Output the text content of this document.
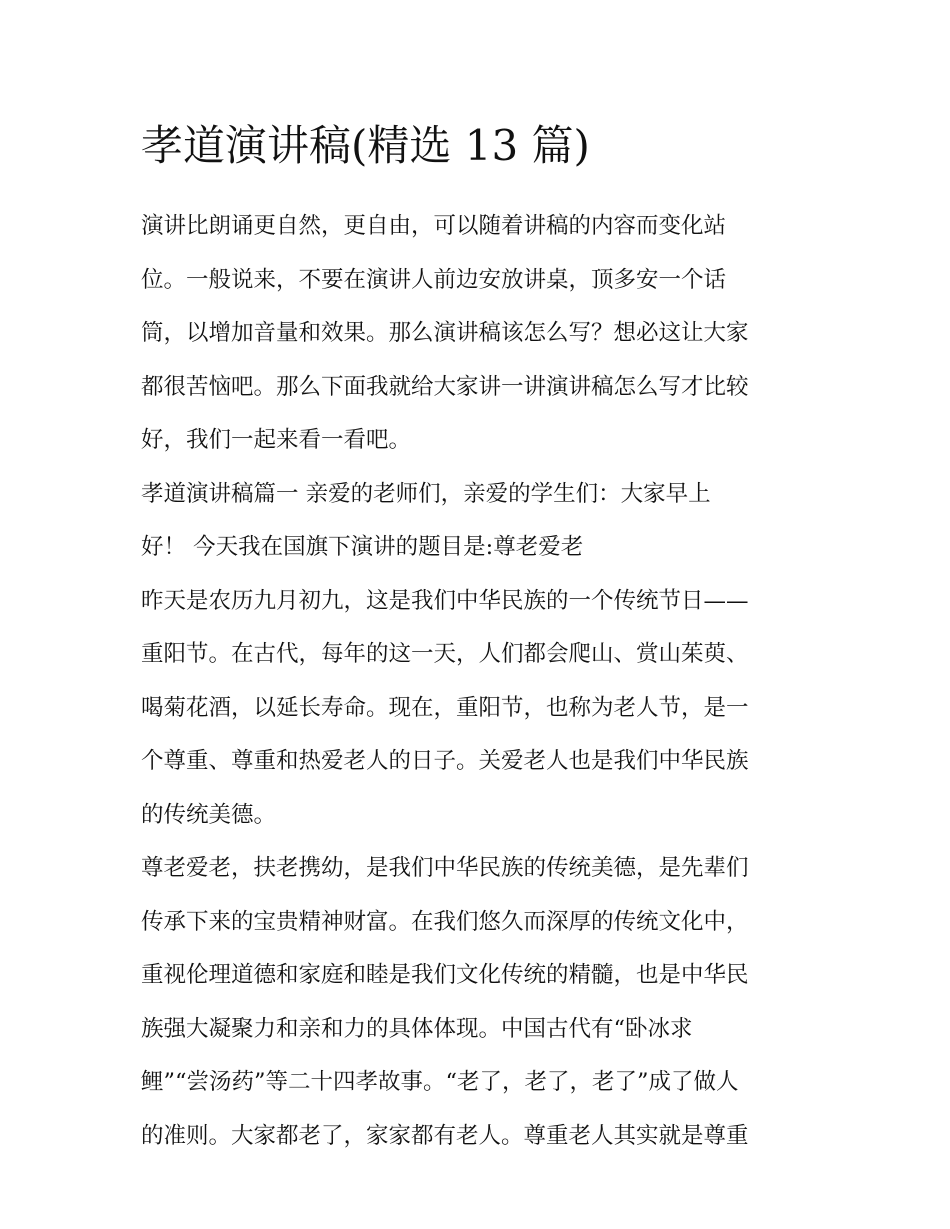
孝道演讲稿(精选 13 篇)
演讲比朗诵更自然，更自由，可以随着讲稿的内容而变化站
位。一般说来，不要在演讲人前边安放讲桌，顶多安一个话
筒，以增加音量和效果。那么演讲稿该怎么写？想必这让大家
都很苦恼吧。那么下面我就给大家讲一讲演讲稿怎么写才比较
好，我们一起来看一看吧。
孝道演讲稿篇一 亲爱的老师们，亲爱的学生们：大家早上
好！ 今天我在国旗下演讲的题目是:尊老爱老
昨天是农历九月初九，这是我们中华民族的一个传统节日——
重阳节。在古代，每年的这一天，人们都会爬山、赏山茱萸、
喝菊花酒，以延长寿命。现在，重阳节，也称为老人节，是一
个尊重、尊重和热爱老人的日子。关爱老人也是我们中华民族
的传统美德。
尊老爱老，扶老携幼，是我们中华民族的传统美德，是先辈们
传承下来的宝贵精神财富。在我们悠久而深厚的传统文化中，
重视伦理道德和家庭和睦是我们文化传统的精髓，也是中华民
族强大凝聚力和亲和力的具体体现。中国古代有“卧冰求
鲤”“尝汤药”等二十四孝故事。“老了，老了，老了”成了做人
的准则。大家都老了，家家都有老人。尊重老人其实就是尊重
